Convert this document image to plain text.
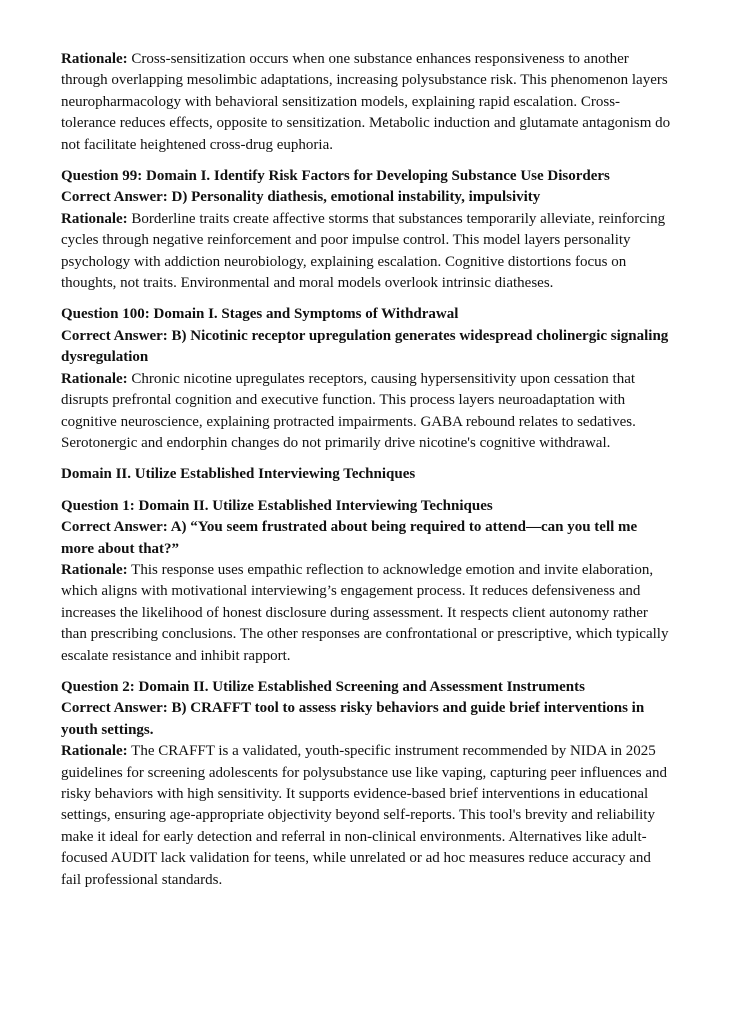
Rationale: Cross-sensitization occurs when one substance enhances responsiveness to another through overlapping mesolimbic adaptations, increasing polysubstance risk. This phenomenon layers neuropharmacology with behavioral sensitization models, explaining rapid escalation. Cross-tolerance reduces effects, opposite to sensitization. Metabolic induction and glutamate antagonism do not facilitate heightened cross-drug euphoria.

Question 99: Domain I. Identify Risk Factors for Developing Substance Use Disorders

Correct Answer: D) Personality diathesis, emotional instability, impulsivity

Rationale: Borderline traits create affective storms that substances temporarily alleviate, reinforcing cycles through negative reinforcement and poor impulse control. This model layers personality psychology with addiction neurobiology, explaining escalation. Cognitive distortions focus on thoughts, not traits. Environmental and moral models overlook intrinsic diatheses.

Question 100: Domain I. Stages and Symptoms of Withdrawal

Correct Answer: B) Nicotinic receptor upregulation generates widespread cholinergic signaling dysregulation

Rationale: Chronic nicotine upregulates receptors, causing hypersensitivity upon cessation that disrupts prefrontal cognition and executive function. This process layers neuroadaptation with cognitive neuroscience, explaining protracted impairments. GABA rebound relates to sedatives. Serotonergic and endorphin changes do not primarily drive nicotine's cognitive withdrawal.

Domain II. Utilize Established Interviewing Techniques

Question 1: Domain II. Utilize Established Interviewing Techniques

Correct Answer: A) “You seem frustrated about being required to attend—can you tell me more about that?”

Rationale: This response uses empathic reflection to acknowledge emotion and invite elaboration, which aligns with motivational interviewing’s engagement process. It reduces defensiveness and increases the likelihood of honest disclosure during assessment. It respects client autonomy rather than prescribing conclusions. The other responses are confrontational or prescriptive, which typically escalate resistance and inhibit rapport.

Question 2: Domain II. Utilize Established Screening and Assessment Instruments

Correct Answer: B) CRAFFT tool to assess risky behaviors and guide brief interventions in youth settings.

Rationale: The CRAFFT is a validated, youth-specific instrument recommended by NIDA in 2025 guidelines for screening adolescents for polysubstance use like vaping, capturing peer influences and risky behaviors with high sensitivity. It supports evidence-based brief interventions in educational settings, ensuring age-appropriate objectivity beyond self-reports. This tool's brevity and reliability make it ideal for early detection and referral in non-clinical environments. Alternatives like adult-focused AUDIT lack validation for teens, while unrelated or ad hoc measures reduce accuracy and fail professional standards.
